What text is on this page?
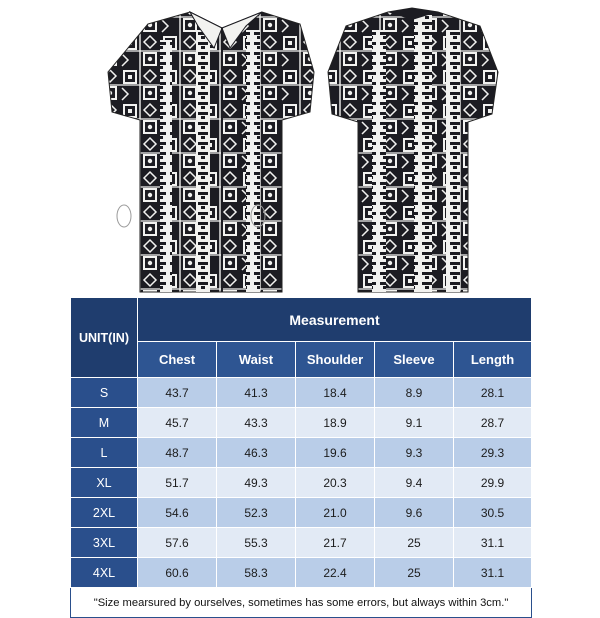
UNIT(IN)	Measurement				
	Chest	Waist	Shoulder	Sleeve	Length
S	43.7	41.3	18.4	8.9	28.1
M	45.7	43.3	18.9	9.1	28.7
L	48.7	46.3	19.6	9.3	29.3
XL	51.7	49.3	20.3	9.4	29.9
2XL	54.6	52.3	21.0	9.6	30.5
3XL	57.6	55.3	21.7	25	31.1
4XL	60.6	58.3	22.4	25	31.1
"Size mearsured by ourselves, sometimes has some errors, but always within 3cm."					
